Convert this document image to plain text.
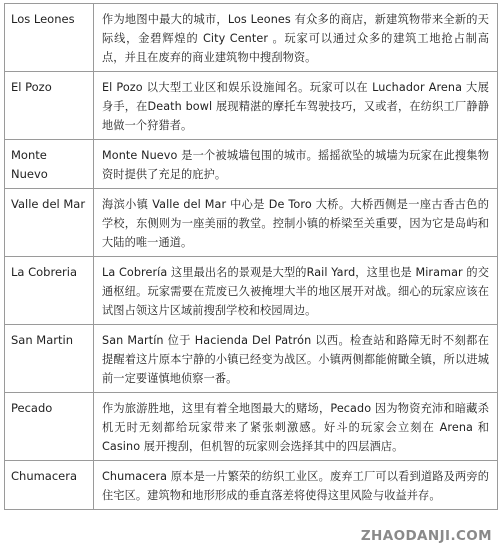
Los Leones	作为地图中最大的城市，Los Leones 有众多的商店，新建筑物带来全新的天际线，金碧辉煌的 City Center 。玩家可以通过众多的建筑工地抢占制高点，并且在废弃的商业建筑物中搜刮物资。
El Pozo	El Pozo 以大型工业区和娱乐设施闻名。玩家可以在 Luchador Arena 大展身手，在Death bowl 展现精湛的摩托车驾驶技巧，又或者，在纺织工厂静静地做一个狩猎者。
Monte Nuevo	Monte Nuevo 是一个被城墙包围的城市。摇摇欲坠的城墙为玩家在此搜集物资时提供了充足的庇护。
Valle del Mar	海滨小镇 Valle del Mar 中心是 De Toro 大桥。大桥西侧是一座古香古色的学校，东侧则为一座美丽的教堂。控制小镇的桥梁至关重要，因为它是岛屿和大陆的唯一通道。
La Cobreria	La Cobrería 这里最出名的景观是大型的Rail Yard，这里也是 Miramar 的交通枢纽。玩家需要在荒废已久被掩埋大半的地区展开对战。细心的玩家应该在试图占领这片区域前搜刮学校和校园周边。
San Martin	San Martín 位于 Hacienda Del Patrón 以西。检查站和路障无时不刻都在提醒着这片原本宁静的小镇已经变为战区。小镇两侧都能俯瞰全镇，所以进城前一定要谨慎地侦察一番。
Pecado	作为旅游胜地，这里有着全地图最大的赌场，Pecado 因为物资充沛和暗藏杀机无时无刻都给玩家带来了紧张刺激感。好斗的玩家会立刻在 Arena 和 Casino 展开搜刮，但机智的玩家则会选择其中的四层酒店。
Chumacera	Chumacera 原本是一片繁荣的纺织工业区。废弃工厂可以看到道路及两旁的住宅区。建筑物和地形形成的垂直落差将使得这里风险与收益并存。
ZHAODANJI.COM
